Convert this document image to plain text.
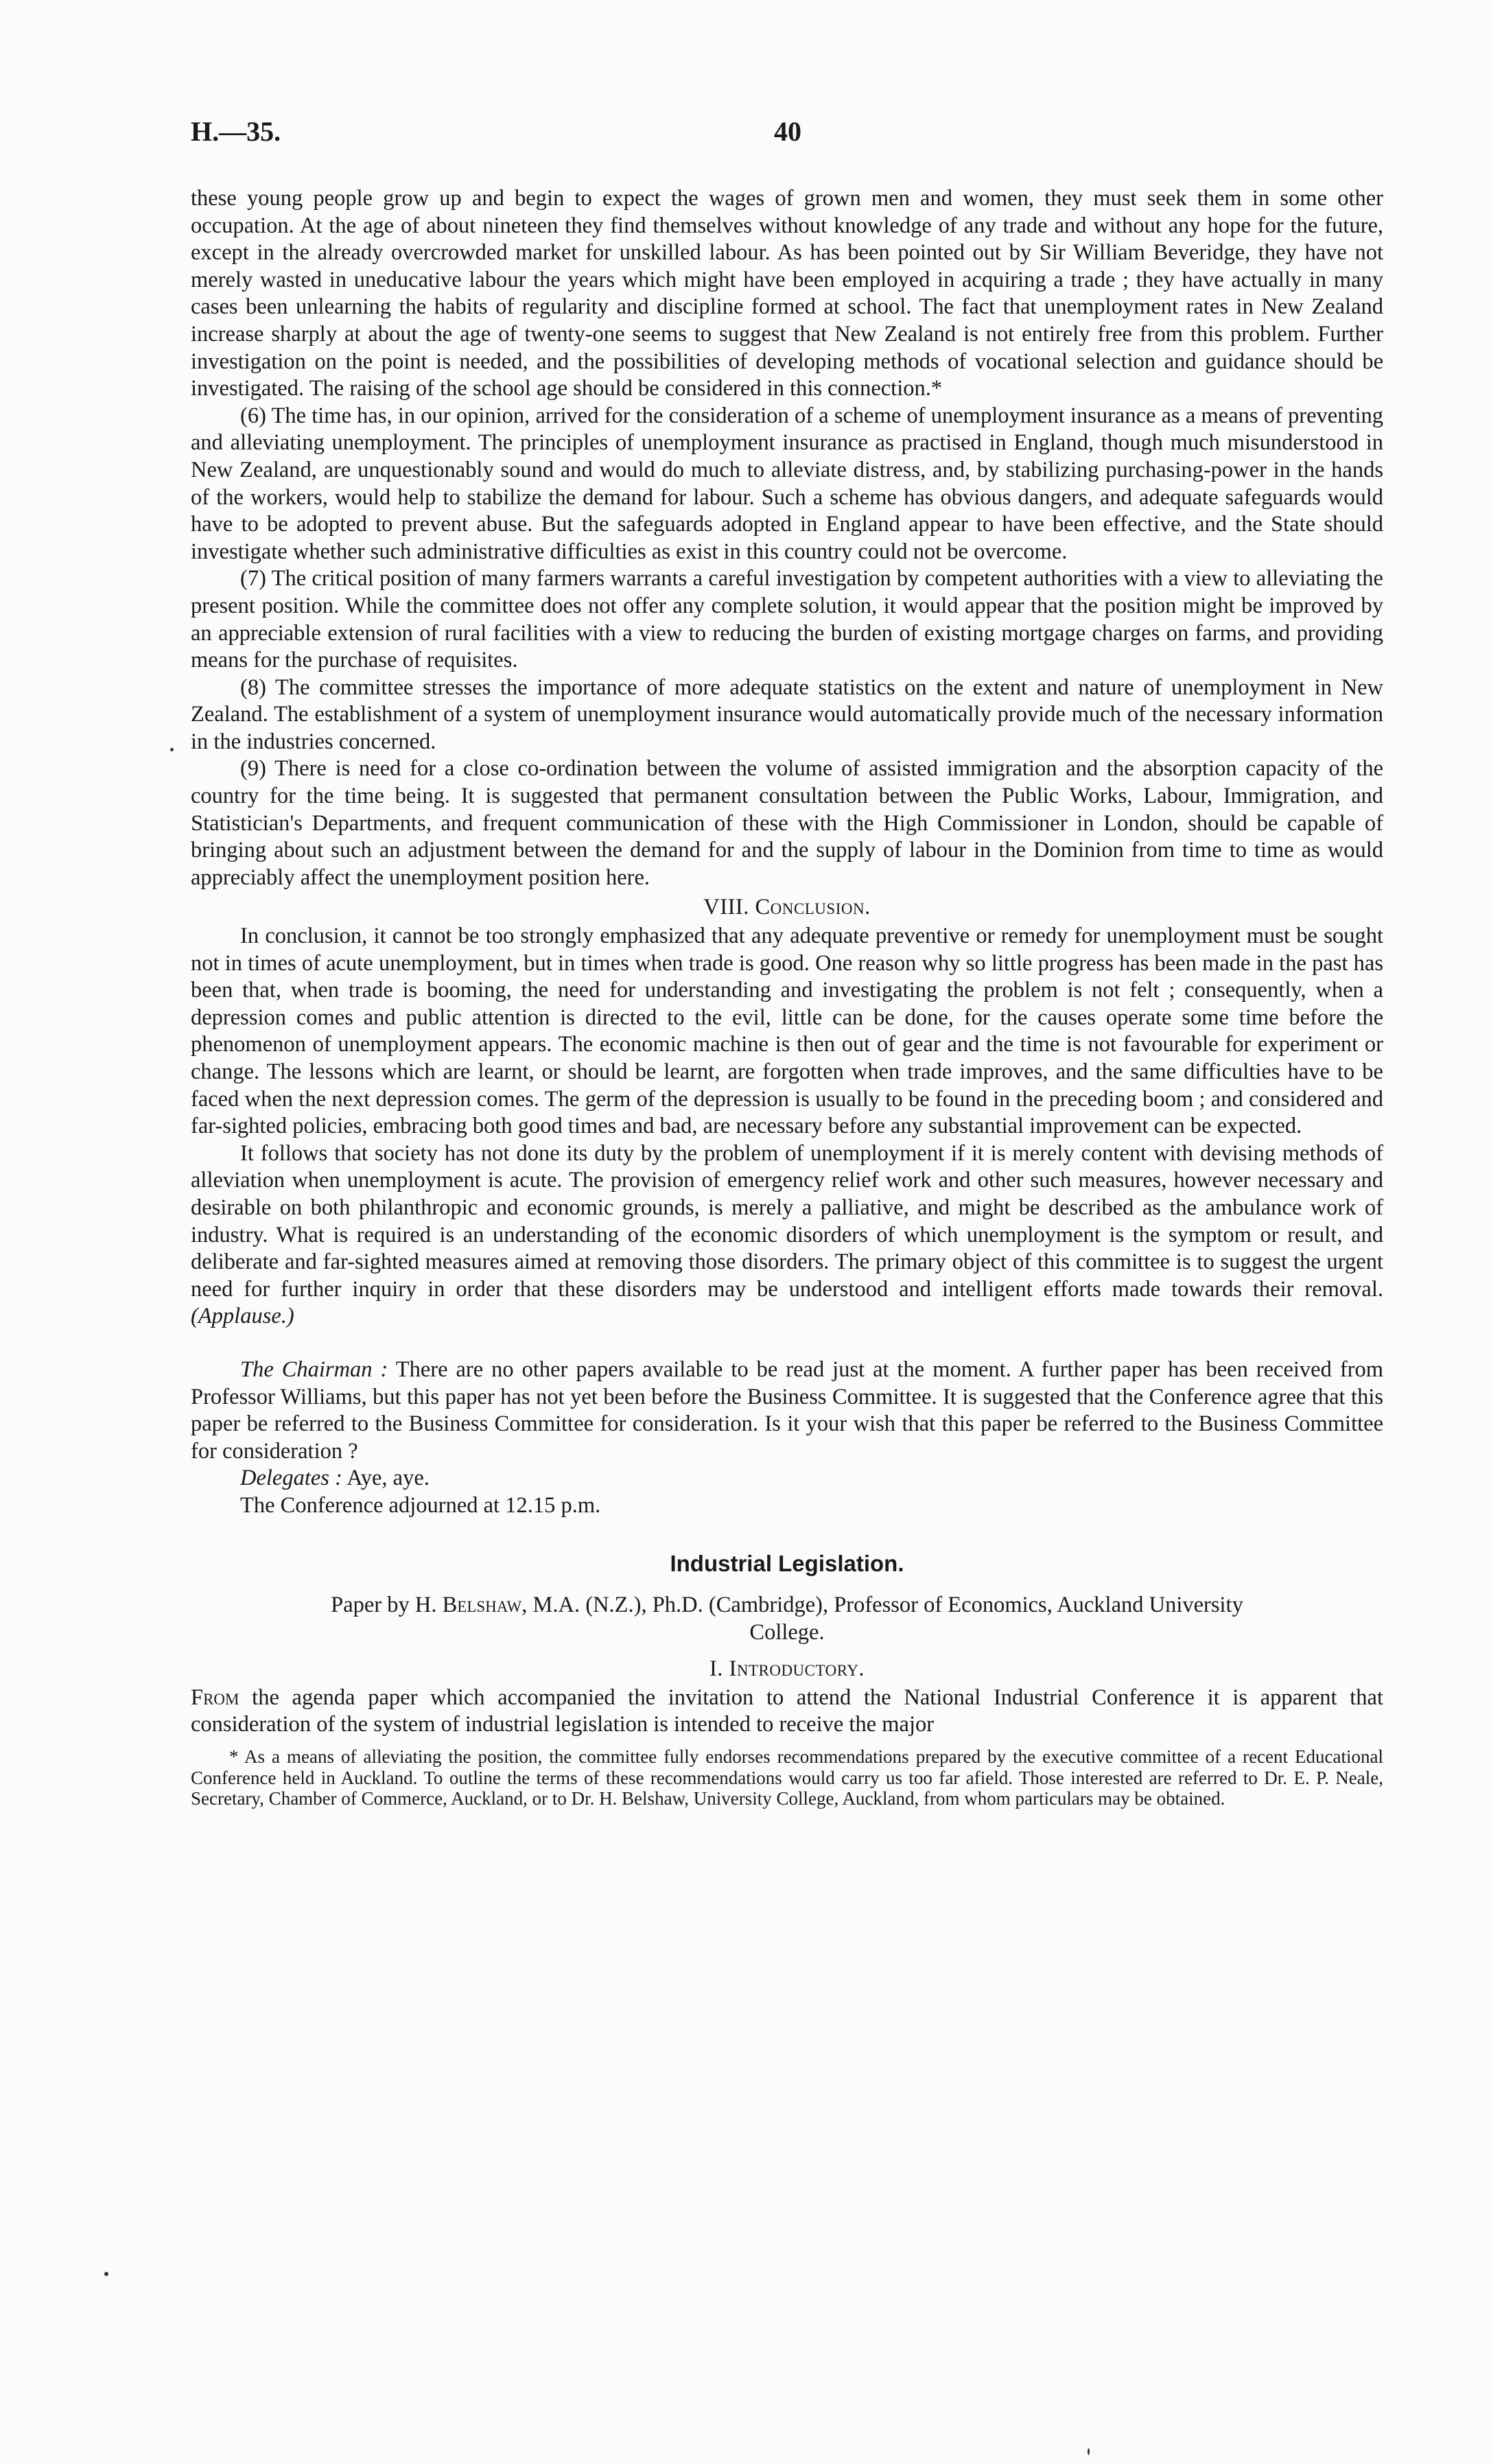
H.—35.	40

these young people grow up and begin to expect the wages of grown men and women, they must seek them in some other occupation. At the age of about nineteen they find themselves without knowledge of any trade and without any hope for the future, except in the already overcrowded market for unskilled labour. As has been pointed out by Sir William Beveridge, they have not merely wasted in uneducative labour the years which might have been employed in acquiring a trade ; they have actually in many cases been unlearning the habits of regularity and discipline formed at school. The fact that unemployment rates in New Zealand increase sharply at about the age of twenty-one seems to suggest that New Zealand is not entirely free from this problem. Further investigation on the point is needed, and the possibilities of developing methods of vocational selection and guidance should be investigated. The raising of the school age should be considered in this connection.*

(6) The time has, in our opinion, arrived for the consideration of a scheme of unemployment insurance as a means of preventing and alleviating unemployment. The principles of unemployment insurance as practised in England, though much misunderstood in New Zealand, are unquestionably sound and would do much to alleviate distress, and, by stabilizing purchasing-power in the hands of the workers, would help to stabilize the demand for labour. Such a scheme has obvious dangers, and adequate safeguards would have to be adopted to prevent abuse. But the safeguards adopted in England appear to have been effective, and the State should investigate whether such administrative difficulties as exist in this country could not be overcome.

(7) The critical position of many farmers warrants a careful investigation by competent authorities with a view to alleviating the present position. While the committee does not offer any complete solution, it would appear that the position might be improved by an appreciable extension of rural facilities with a view to reducing the burden of existing mortgage charges on farms, and providing means for the purchase of requisites.

(8) The committee stresses the importance of more adequate statistics on the extent and nature of unemployment in New Zealand. The establishment of a system of unemployment insurance would automatically provide much of the necessary information in the industries concerned.

(9) There is need for a close co-ordination between the volume of assisted immigration and the absorption capacity of the country for the time being. It is suggested that permanent consultation between the Public Works, Labour, Immigration, and Statistician's Departments, and frequent communication of these with the High Commissioner in London, should be capable of bringing about such an adjustment between the demand for and the supply of labour in the Dominion from time to time as would appreciably affect the unemployment position here.

VIII. Conclusion.

In conclusion, it cannot be too strongly emphasized that any adequate preventive or remedy for unemployment must be sought not in times of acute unemployment, but in times when trade is good. One reason why so little progress has been made in the past has been that, when trade is booming, the need for understanding and investigating the problem is not felt ; consequently, when a depression comes and public attention is directed to the evil, little can be done, for the causes operate some time before the phenomenon of unemployment appears. The economic machine is then out of gear and the time is not favourable for experiment or change. The lessons which are learnt, or should be learnt, are forgotten when trade improves, and the same difficulties have to be faced when the next depression comes. The germ of the depression is usually to be found in the preceding boom ; and considered and far-sighted policies, embracing both good times and bad, are necessary before any substantial improvement can be expected.

It follows that society has not done its duty by the problem of unemployment if it is merely content with devising methods of alleviation when unemployment is acute. The provision of emergency relief work and other such measures, however necessary and desirable on both philanthropic and economic grounds, is merely a palliative, and might be described as the ambulance work of industry. What is required is an understanding of the economic disorders of which unemployment is the symptom or result, and deliberate and far-sighted measures aimed at removing those disorders. The primary object of this committee is to suggest the urgent need for further inquiry in order that these disorders may be understood and intelligent efforts made towards their removal. (Applause.)

The Chairman : There are no other papers available to be read just at the moment. A further paper has been received from Professor Williams, but this paper has not yet been before the Business Committee. It is suggested that the Conference agree that this paper be referred to the Business Committee for consideration. Is it your wish that this paper be referred to the Business Committee for consideration ?

Delegates : Aye, aye.

The Conference adjourned at 12.15 p.m.

Industrial Legislation.

Paper by H. Belshaw, M.A. (N.Z.), Ph.D. (Cambridge), Professor of Economics, Auckland University College.

I. Introductory.

From the agenda paper which accompanied the invitation to attend the National Industrial Conference it is apparent that consideration of the system of industrial legislation is intended to receive the major

* As a means of alleviating the position, the committee fully endorses recommendations prepared by the executive committee of a recent Educational Conference held in Auckland. To outline the terms of these recommendations would carry us too far afield. Those interested are referred to Dr. E. P. Neale, Secretary, Chamber of Commerce, Auckland, or to Dr. H. Belshaw, University College, Auckland, from whom particulars may be obtained.
